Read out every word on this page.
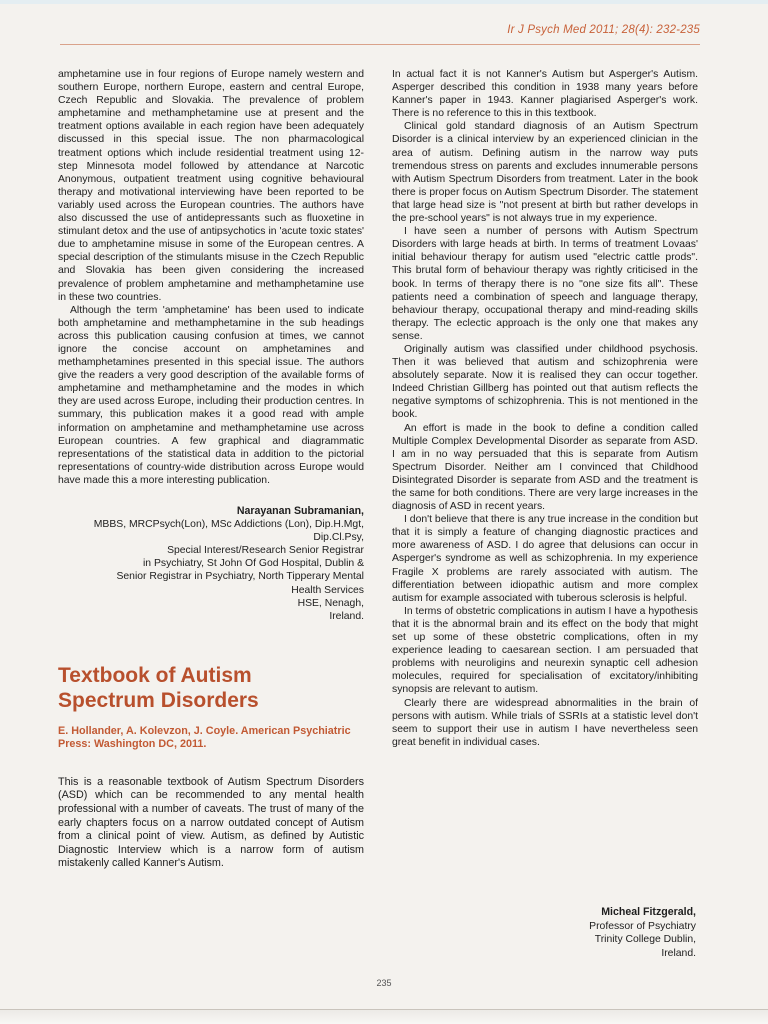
Ir J Psych Med 2011; 28(4): 232-235

amphetamine use in four regions of Europe namely western and southern Europe, northern Europe, eastern and central Europe, Czech Republic and Slovakia. The prevalence of problem amphetamine and methamphetamine use at present and the treatment options available in each region have been adequately discussed in this special issue. The non pharmacological treatment options which include residential treatment using 12-step Minnesota model followed by attendance at Narcotic Anonymous, outpatient treatment using cognitive behavioural therapy and motivational interviewing have been reported to be variably used across the European countries. The authors have also discussed the use of antidepressants such as fluoxetine in stimulant detox and the use of antipsychotics in 'acute toxic states' due to amphetamine misuse in some of the European centres. A special description of the stimulants misuse in the Czech Republic and Slovakia has been given considering the increased prevalence of problem amphetamine and methamphetamine use in these two countries.

Although the term 'amphetamine' has been used to indicate both amphetamine and methamphetamine in the sub headings across this publication causing confusion at times, we cannot ignore the concise account on amphetamines and methamphetamines presented in this special issue. The authors give the readers a very good description of the available forms of amphetamine and methamphetamine and the modes in which they are used across Europe, including their production centres. In summary, this publication makes it a good read with ample information on amphetamine and methamphetamine use across European countries. A few graphical and diagrammatic representations of the statistical data in addition to the pictorial representations of country-wide distribution across Europe would have made this a more interesting publication.

Narayanan Subramanian,
MBBS, MRCPsych(Lon), MSc Addictions (Lon), Dip.H.Mgt,
Dip.Cl.Psy,
Special Interest/Research Senior Registrar
in Psychiatry, St John Of God Hospital, Dublin &
Senior Registrar in Psychiatry, North Tipperary Mental
Health Services
HSE, Nenagh,
Ireland.
Textbook of Autism
Spectrum Disorders
E. Hollander, A. Kolevzon, J. Coyle. American Psychiatric Press: Washington DC, 2011.

This is a reasonable textbook of Autism Spectrum Disorders (ASD) which can be recommended to any mental health professional with a number of caveats. The trust of many of the early chapters focus on a narrow outdated concept of Autism from a clinical point of view. Autism, as defined by Autistic Diagnostic Interview which is a narrow form of autism mistakenly called Kanner's Autism.

In actual fact it is not Kanner's Autism but Asperger's Autism. Asperger described this condition in 1938 many years before Kanner's paper in 1943. Kanner plagiarised Asperger's work. There is no reference to this in this textbook.

Clinical gold standard diagnosis of an Autism Spectrum Disorder is a clinical interview by an experienced clinician in the area of autism. Defining autism in the narrow way puts tremendous stress on parents and excludes innumerable persons with Autism Spectrum Disorders from treatment. Later in the book there is proper focus on Autism Spectrum Disorder. The statement that large head size is "not present at birth but rather develops in the pre-school years" is not always true in my experience.

I have seen a number of persons with Autism Spectrum Disorders with large heads at birth. In terms of treatment Lovaas' initial behaviour therapy for autism used "electric cattle prods". This brutal form of behaviour therapy was rightly criticised in the book. In terms of therapy there is no "one size fits all". These patients need a combination of speech and language therapy, behaviour therapy, occupational therapy and mind-reading skills therapy. The eclectic approach is the only one that makes any sense.

Originally autism was classified under childhood psychosis. Then it was believed that autism and schizophrenia were absolutely separate. Now it is realised they can occur together. Indeed Christian Gillberg has pointed out that autism reflects the negative symptoms of schizophrenia. This is not mentioned in the book.

An effort is made in the book to define a condition called Multiple Complex Developmental Disorder as separate from ASD. I am in no way persuaded that this is separate from Autism Spectrum Disorder. Neither am I convinced that Childhood Disintegrated Disorder is separate from ASD and the treatment is the same for both conditions. There are very large increases in the diagnosis of ASD in recent years.

I don't believe that there is any true increase in the condition but that it is simply a feature of changing diagnostic practices and more awareness of ASD. I do agree that delusions can occur in Asperger's syndrome as well as schizophrenia. In my experience Fragile X problems are rarely associated with autism. The differentiation between idiopathic autism and more complex autism for example associated with tuberous sclerosis is helpful.

In terms of obstetric complications in autism I have a hypothesis that it is the abnormal brain and its effect on the body that might set up some of these obstetric complications, often in my experience leading to caesarean section. I am persuaded that problems with neuroligins and neurexin synaptic cell adhesion molecules, required for specialisation of excitatory/inhibiting synopsis are relevant to autism.

Clearly there are widespread abnormalities in the brain of persons with autism. While trials of SSRIs at a statistic level don't seem to support their use in autism I have nevertheless seen great benefit in individual cases.

Micheal Fitzgerald,
Professor of Psychiatry
Trinity College Dublin,
Ireland.
235
